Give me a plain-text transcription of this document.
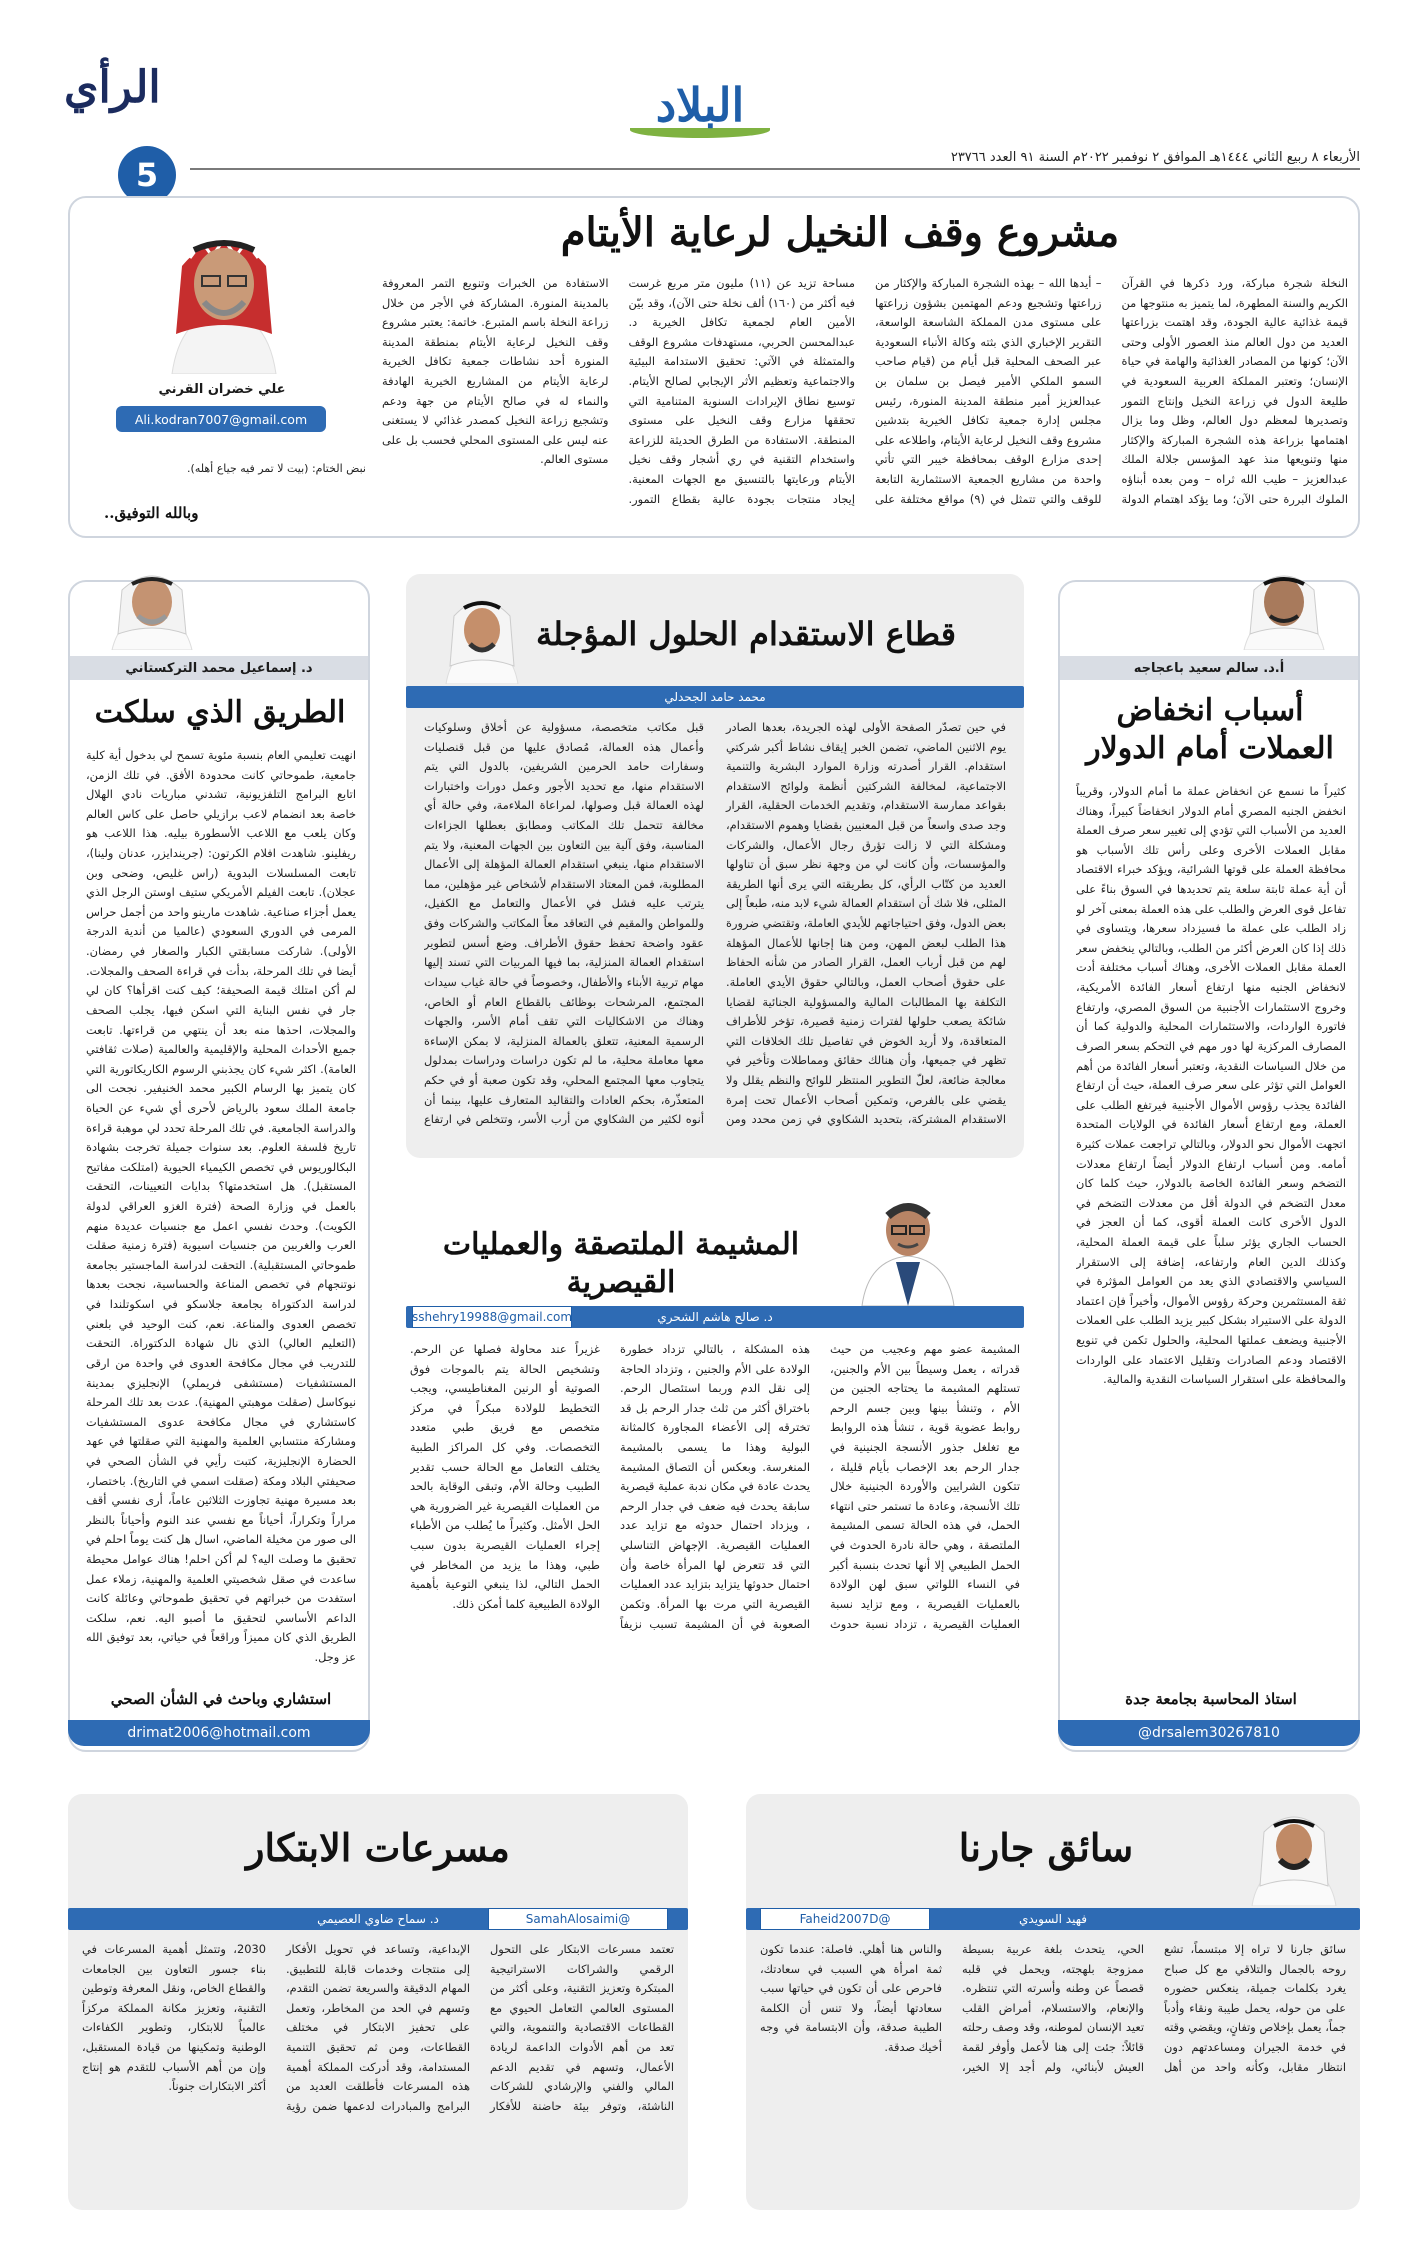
الرأي
5
البلاد
الأربعاء ٨ ربيع الثاني ١٤٤٤هـ الموافق ٢ نوفمبر ٢٠٢٢م السنة ٩١ العدد ٢٣٧٦٦
مشروع وقف النخيل لرعاية الأيتام
علي خضران القرني
Ali.kodran7007@gmail.com
النخلة شجرة مباركة، ورد ذكرها في القرآن الكريم والسنة المطهرة، لما يتميز به منتوجها من قيمة غذائية عالية الجودة، وقد اهتمت بزراعتها العديد من دول العالم منذ العصور الأولى وحتى الآن؛ كونها من المصادر الغذائية والهامة في حياة الإنسان؛ وتعتبر المملكة العربية السعودية في طليعة الدول في زراعة النخيل وإنتاج التمور وتصديرها لمعظم دول العالم، وظل وما يزال اهتمامها بزراعة هذه الشجرة المباركة والإكثار منها وتنويعها منذ عهد المؤسس جلالة الملك عبدالعزيز – طيب الله ثراه – ومن بعده أبناؤه الملوك البررة حتى الآن؛ وما يؤكد اهتمام الدولة – أيدها الله – بهذه الشجرة المباركة والإكثار من زراعتها وتشجيع ودعم المهتمين بشؤون زراعتها على مستوى مدن المملكة الشاسعة الواسعة، التقرير الإخباري الذي بثته وكالة الأنباء السعودية عبر الصحف المحلية قبل أيام من (قيام صاحب السمو الملكي الأمير فيصل بن سلمان بن عبدالعزيز أمير منطقة المدينة المنورة، رئيس مجلس إدارة جمعية تكافل الخيرية بتدشين مشروع وقف النخيل لرعاية الأيتام، واطلاعه على إحدى مزارع الوقف بمحافظة خيبر التي تأتي واحدة من مشاريع الجمعية الاستثمارية التابعة للوقف والتي تتمثل في (٩) مواقع مختلفة على مساحة تزيد عن (١١) مليون متر مربع غرست فيه أكثر من (١٦٠) ألف نخلة حتى الآن)، وقد بيّن الأمين العام لجمعية تكافل الخيرية د. عبدالمحسن الحربي، مستهدفات مشروع الوقف والمتمثلة في الآتي: تحقيق الاستدامة البيئية والاجتماعية وتعظيم الأثر الإيجابي لصالح الأيتام. توسيع نطاق الإيرادات السنوية المتنامية التي تحققها مزارع وقف النخيل على مستوى المنطقة. الاستفادة من الطرق الحديثة للزراعة واستخدام التقنية في ري أشجار وقف نخيل الأيتام ورعايتها بالتنسيق مع الجهات المعنية. إيجاد منتجات بجودة عالية بقطاع التمور. الاستفادة من الخبرات وتنويع التمر المعروفة بالمدينة المنورة. المشاركة في الأجر من خلال زراعة النخلة باسم المتبرع. خاتمة: يعتبر مشروع وقف النخيل لرعاية الأيتام بمنطقة المدينة المنورة أحد نشاطات جمعية تكافل الخيرية لرعاية الأيتام من المشاريع الخيرية الهادفة والنماء له في صالح الأيتام من جهة ودعم وتشجيع زراعة النخيل كمصدر غذائي لا يستغنى عنه ليس على المستوى المحلي فحسب بل على مستوى العالم.
نبض الختام: (بيت لا تمر فيه جياع أهله).
وبالله التوفيق..
د. إسماعيل محمد التركستاني
الطريق الذي سلكت
انهيت تعليمي العام بنسبة مئوية تسمح لي بدخول أية كلية جامعية، طموحاتي كانت محدودة الأفق. في تلك الزمن، اتابع البرامج التلفزيونية، تشدني مباريات نادي الهلال خاصة بعد انضمام لاعب برازيلي حاصل على كاس العالم وكان يلعب مع اللاعب الأسطورة بيليه. هذا اللاعب هو ريفلينو. شاهدت افلام الكرتون: (جريندايزر، عدنان ولينا)، تابعت المسلسلات البدوية (راس غليص، وضحى وبن عجلان). تابعت الفيلم الأمريكي ستيف اوستن الرجل الذي يعمل أجزاء صناعية. شاهدت مارينو واحد من أجمل حراس المرمى في الدوري السعودي (عالميا من أندية الدرجة الأولى). شاركت مسابقتي الكبار والصغار في رمضان. أيضا في تلك المرحلة، بدأت في قراءة الصحف والمجلات. لم أكن امتلك قيمة الصحيفة؛ كيف كنت اقرأها؟ كان لي جار في نفس البناية التي اسكن فيها، يجلب الصحف والمجلات، احذها منه بعد أن ينتهي من قراءتها. تابعت جميع الأحداث المحلية والإقليمية والعالمية (صلات ثقافتي العامة). اكثر شيء كان يجذبني الرسوم الكاريكاتورية التي كان يتميز بها الرسام الكبير محمد الخنيفير. نجحت الى جامعة الملك سعود بالرياض لأحرى أي شيء عن الحياة والدراسة الجامعية. في تلك المرحلة تحدد لي موهبة قراءة تاريخ فلسفة العلوم. بعد سنوات جميلة تخرجت بشهادة البكالوريوس في تخصص الكيمياء الحيوية (امتلكت مفاتيح المستقبل). هل استخدمتها؟ بدايات التعيينات، التحقت بالعمل في وزارة الصحة (فترة الغزو العراقي لدولة الكويت). وحدث نفسي اعمل مع جنسيات عديدة منهم العرب والغربين من جنسيات اسيوية (فترة زمنية صقلت طموحاتي المستقبلية). التحقت لدراسة الماجستير بجامعة نوتنجهام في تخصص المناعة والحساسية، نجحت بعدها لدراسة الدكتوراة بجامعة جلاسكو في اسكوتلندا في تخصص العدوى والمناعة. نعم، كنت الوحيد في بلعني (التعليم العالي) الذي نال شهادة الدكتوراة. التحقت للتدريب في مجال مكافحة العدوى في واحدة من ارقى المستشفيات (مستشفى فريملي) الإنجليزي بمدينة نيوكاسل (صقلت موهبتي المهنية). عدت بعد تلك المرحلة كاستشاري في مجال مكافحة عدوى المستشفيات ومشاركة منتسابي العلمية والمهنية التي صقلتها في عهد الحضارة الإنجليزية، كتبت رأيي في الشأن الصحي في صحيفتي البلاد ومكة (صقلت اسمي في التاريخ). باختصار، بعد مسيرة مهنية تجاوزت الثلاثين عاماً، أرى نفسي أقف مراراً وتكراراً، أحياناً مع نفسي عند النوم وأحياناً بالنظر الى صور من مخيلة الماضي، اسال هل كنت يوماً احلم في تحقيق ما وصلت اليه؟ لم أكن احلم! هناك عوامل محيطة ساعدت في صقل شخصيتي العلمية والمهنية، زملاء عمل استفدت من خبراتهم في تحقيق طموحاتي وعائلة كانت الداعم الأساسي لتحقيق ما أصبو اليه. نعم، سلكت الطريق الذي كان مميزاً وراقعاً في حياتي، بعد توفيق الله عز وجل.
استشاري وباحث في الشأن الصحي
drimat2006@hotmail.com
قطاع الاستقدام الحلول المؤجلة
محمد حامد الجحدلي
في حين تصدّر الصفحة الأولى لهذه الجريدة، بعدها الصادر يوم الاثنين الماضي، تضمن الخبر إيقاف نشاط أكبر شركتي استقدام. القرار أصدرته وزارة الموارد البشرية والتنمية الاجتماعية، لمخالفة الشركتين أنظمة ولوائح الاستقدام بقواعد ممارسة الاستقدام، وتقديم الخدمات الحقلية، القرار وجد صدى واسعاً من قبل المعنيين بقضايا وهموم الاستقدام، ومشكلة التي لا زالت تؤرق رجال الأعمال، والشركات والمؤسسات، وأن كانت لي من وجهة نظر سبق أن تناولها العديد من كتّاب الرأي، كل بطريقته التي يرى أنها الطريقة المثلى، فلا شك أن استقدام العمالة شيء لابد منه، طبعاً إلى بعض الدول، وفق احتياجاتهم للأيدي العاملة، وتقتضي ضرورة هذا الطلب لبعض المهن، ومن هنا إجانها للأعمال المؤهلة لهم من قبل أرباب العمل، القرار الصادر من شأنه الحفاظ على حقوق أصحاب العمل، وبالتالي حقوق الأيدي العاملة. التكلفة بها المطالبات المالية والمسؤولية الجنائية لقضايا شائكة يصعب حلولها لفترات زمنية قصيرة، تؤخر للأطراف المتعاقدة، ولا أريد الخوض في تفاصيل تلك الخلافات التي تظهر في جميعها، وأن هنالك حقائق ومماطلات وتأخير في معالجة ضائعة، لعلّ التطوير المنتظر للوائح والنظم يقلل ولا يقضي على بالفرص، وتمكين أصحاب الأعمال تحت إمرة الاستقدام المشتركة، بتحديد الشكاوي في زمن محدد ومن قبل مكاتب متخصصة، مسؤولية عن أخلاق وسلوكيات وأعمال هذه العمالة، مُصادق عليها من قبل قنصليات وسفارات حامد الحرمين الشريفين، بالدول التي يتم الاستقدام منها، مع تحديد الأجور وعمل دورات واختبارات لهذه العمالة قبل وصولها، لمراعاة الملاءمة، وفي حالة أي مخالفة تتحمل تلك المكاتب ومطابق بعطلها الجزاءات المناسبة، وفق آلية بين التعاون بين الجهات المعنية، ولا يتم الاستقدام منها، ينبغي استقدام العمالة المؤهلة إلى الأعمال المطلوبة، فمن المعتاد الاستقدام لأشخاص غير مؤهلين، مما يترتب عليه فشل في الأعمال والتعامل مع الكفيل، وللمواطن والمقيم في التعاقد معاً المكاتب والشركات وفق عقود واضحة تحفظ حقوق الأطراف. وضع أسس لتطوير استقدام العمالة المنزلية، بما فيها المربيات التي تسند إليها مهام تربية الأبناء والأطفال، وخصوصاً في حالة غياب سيدات المجتمع، المرشحات بوظائف بالقطاع العام أو الخاص، وهناك من الاشكاليات التي تقف أمام الأسر، والجهات الرسمية المعنية، تتعلق بالعمالة المنزلية، لا بمكن الإساءة معها معاملة محلية، ما لم تكون دراسات ودراسات بمدلول يتجاوب معها المجتمع المحلي، وقد تكون صعبة أو في حكم المتعذّرة، بحكم العادات والتقاليد المتعارف عليها، بينما أن أنوه لكثير من الشكاوي من أرب الأسر، وتتخلص في ارتفاع
المشيمة الملتصقة والعمليات القيصرية
د. صالح هاشم الشحري
sshehry19988@gmail.com
المشيمة عضو مهم وعجيب من حيث قدراته ، يعمل وسيطاً بين الأم والجنين، تستلهم المشيمة ما يحتاجه الجنين من الأم ، وتنشأ بينها وبين جسم الرحم روابط عضوية قوية ، تنشأ هذه الروابط مع تغلغل جذور الأنسجة الجنينية في جدار الرحم بعد الإخصاب بأيام قليلة ، تتكون الشرايين والأوردة الجنينية خلال تلك الأنسجة، وعادة ما تستمر حتى انتهاء الحمل، في هذه الحالة تسمى المشيمة الملتصقة ، وهي حالة نادرة الحدوث في الحمل الطبيعي إلا أنها تحدث بنسبة أكبر في النساء اللواتي سبق لهن الولادة بالعمليات القيصرية ، ومع تزايد نسبة العمليات القيصرية ، تزداد نسبة حدوث هذه المشكلة ، بالتالي تزداد خطورة الولادة على الأم والجنين ، وتزداد الحاجة إلى نقل الدم وربما استئصال الرحم. باختراق أكثر من ثلث جدار الرحم بل قد تخترقه إلى الأعضاء المجاورة كالمثانة البولية وهذا ما يسمى بالمشيمة المنغرسة. وبعكس أن التصاق المشيمة يحدث عادة في مكان ندبة عملية قيصرية سابقة يحدث فيه ضعف في جدار الرحم ، ويزداد احتمال حدوثه مع تزايد عدد العمليات القيصرية. الإجهاض التناسلي التي قد تتعرض لها المرأة خاصة وأن احتمال حدوثها يتزايد بتزايد عدد العمليات القيصرية التي مرت بها المرأة. وتكمن الصعوبة في أن المشيمة تسبب نزيفاً غزيراً عند محاولة فصلها عن الرحم. وتشخيص الحالة يتم بالموجات فوق الصوتية أو الرنين المغناطيسي، ويجب التخطيط للولادة مبكراً في مركز متخصص مع فريق طبي متعدد التخصصات. وفي كل المراكز الطبية يختلف التعامل مع الحالة حسب تقدير الطبيب وحالة الأم، وتبقى الوقاية بالحد من العمليات القيصرية غير الضرورية هي الحل الأمثل. وكثيراً ما يُطلب من الأطباء إجراء العمليات القيصرية بدون سبب طبي، وهذا ما يزيد من المخاطر في الحمل التالي، لذا ينبغي التوعية بأهمية الولادة الطبيعية كلما أمكن ذلك.
أ.د. سالم سعيد باعجاجه
أسباب انخفاض العملات أمام الدولار
كثيراً ما نسمع عن انخفاض عملة ما أمام الدولار، وقريباً انخفض الجنيه المصري أمام الدولار انخفاضاً كبيراً، وهناك العديد من الأسباب التي تؤدي إلى تغيير سعر صرف العملة مقابل العملات الأخرى وعلى رأس تلك الأسباب هو محافظة العملة على قوتها الشرائية، ويؤكد خبراء الاقتصاد أن أية عملة ثابتة سلعة يتم تحديدها في السوق بناءً على تفاعل قوى العرض والطلب على هذه العملة بمعنى آخر لو زاد الطلب على عملة ما فسيزداد سعرها، ويتساوى في ذلك إذا كان العرض أكثر من الطلب، وبالتالي ينخفض سعر العملة مقابل العملات الأخرى، وهناك أسباب مختلفة أدت لانخفاض الجنيه منها ارتفاع أسعار الفائدة الأمريكية، وخروج الاستثمارات الأجنبية من السوق المصري، وارتفاع فاتورة الواردات، والاستثمارات المحلية والدولية كما أن المصارف المركزية لها دور مهم في التحكم بسعر الصرف من خلال السياسات النقدية، وتعتبر أسعار الفائدة من أهم العوامل التي تؤثر على سعر صرف العملة، حيث أن ارتفاع الفائدة يجذب رؤوس الأموال الأجنبية فيرتفع الطلب على العملة، ومع ارتفاع أسعار الفائدة في الولايات المتحدة اتجهت الأموال نحو الدولار، وبالتالي تراجعت عملات كثيرة أمامه. ومن أسباب ارتفاع الدولار أيضاً ارتفاع معدلات التضخم وسعر الفائدة الخاصة بالدولار، حيث كلما كان معدل التضخم في الدولة أقل من معدلات التضخم في الدول الأخرى كانت العملة أقوى، كما أن العجز في الحساب الجاري يؤثر سلباً على قيمة العملة المحلية، وكذلك الدين العام وارتفاعه، إضافة إلى الاستقرار السياسي والاقتصادي الذي يعد من العوامل المؤثرة في ثقة المستثمرين وحركة رؤوس الأموال، وأخيراً فإن اعتماد الدولة على الاستيراد بشكل كبير يزيد الطلب على العملات الأجنبية ويضعف عملتها المحلية، والحلول تكمن في تنويع الاقتصاد ودعم الصادرات وتقليل الاعتماد على الواردات والمحافظة على استقرار السياسات النقدية والمالية.
استاذ المحاسبة بجامعة جدة
@drsalem30267810
سائق جارنا
فهيد السويدي
@Faheid2007D
سائق جارنا لا تراه إلا مبتسماً، تشع روحه بالجمال والتلاقي مع كل صباح يغرد بكلمات جميلة، ينعكس حضوره على من حوله، يحمل طيبة ونقاء وأدباً جماً، يعمل بإخلاص وتفانٍ، ويقضي وقته في خدمة الجيران ومساعدتهم دون انتظار مقابل، وكأنه واحد من أهل الحي، يتحدث بلغة عربية بسيطة ممزوجة بلهجته، ويحمل في قلبه قصصاً عن وطنه وأسرته التي تنتظره. والإنعام، والاستسلام، أمراض القلب تعيد الإنسان لموطنه، وقد وصف رحلته قائلاً: جئت إلى هنا لأعمل وأوفر لقمة العيش لأبنائي، ولم أجد إلا الخير، والناس هنا أهلي. فاصلة: عندما تكون ثمة امرأة هي السبب في سعادتك، فاحرص على أن تكون في حياتها سبب سعادتها أيضاً، ولا تنس أن الكلمة الطيبة صدقة، وأن الابتسامة في وجه أخيك صدقة.
مسرعات الابتكار
د. سماح ضاوي العصيمي	@SamahAlosaimi
تعتمد مسرعات الابتكار على التحول الرقمي والشراكات الاستراتيجية المبتكرة وتعزيز التقنية، وعلى أكثر من المستوى العالمي التعامل الحيوي مع القطاعات الاقتصادية والتنموية، والتي تعد من أهم الأدوات الداعمة لريادة الأعمال، وتسهم في تقديم الدعم المالي والفني والإرشادي للشركات الناشئة، وتوفر بيئة حاضنة للأفكار الإبداعية، وتساعد في تحويل الأفكار إلى منتجات وخدمات قابلة للتطبيق. المهام الدقيقة والسريعة تضمن التقدم، وتسهم في الحد من المخاطر، وتعمل على تحفيز الابتكار في مختلف القطاعات، ومن ثم تحقيق التنمية المستدامة، وقد أدركت المملكة أهمية هذه المسرعات فأطلقت العديد من البرامج والمبادرات لدعمها ضمن رؤية 2030، وتتمثل أهمية المسرعات في بناء جسور التعاون بين الجامعات والقطاع الخاص، ونقل المعرفة وتوطين التقنية، وتعزيز مكانة المملكة مركزاً عالمياً للابتكار، وتطوير الكفاءات الوطنية وتمكينها من قيادة المستقبل، وإن من أهم الأسباب للتقدم هو إنتاج أكثر الابتكارات جنوناً.
